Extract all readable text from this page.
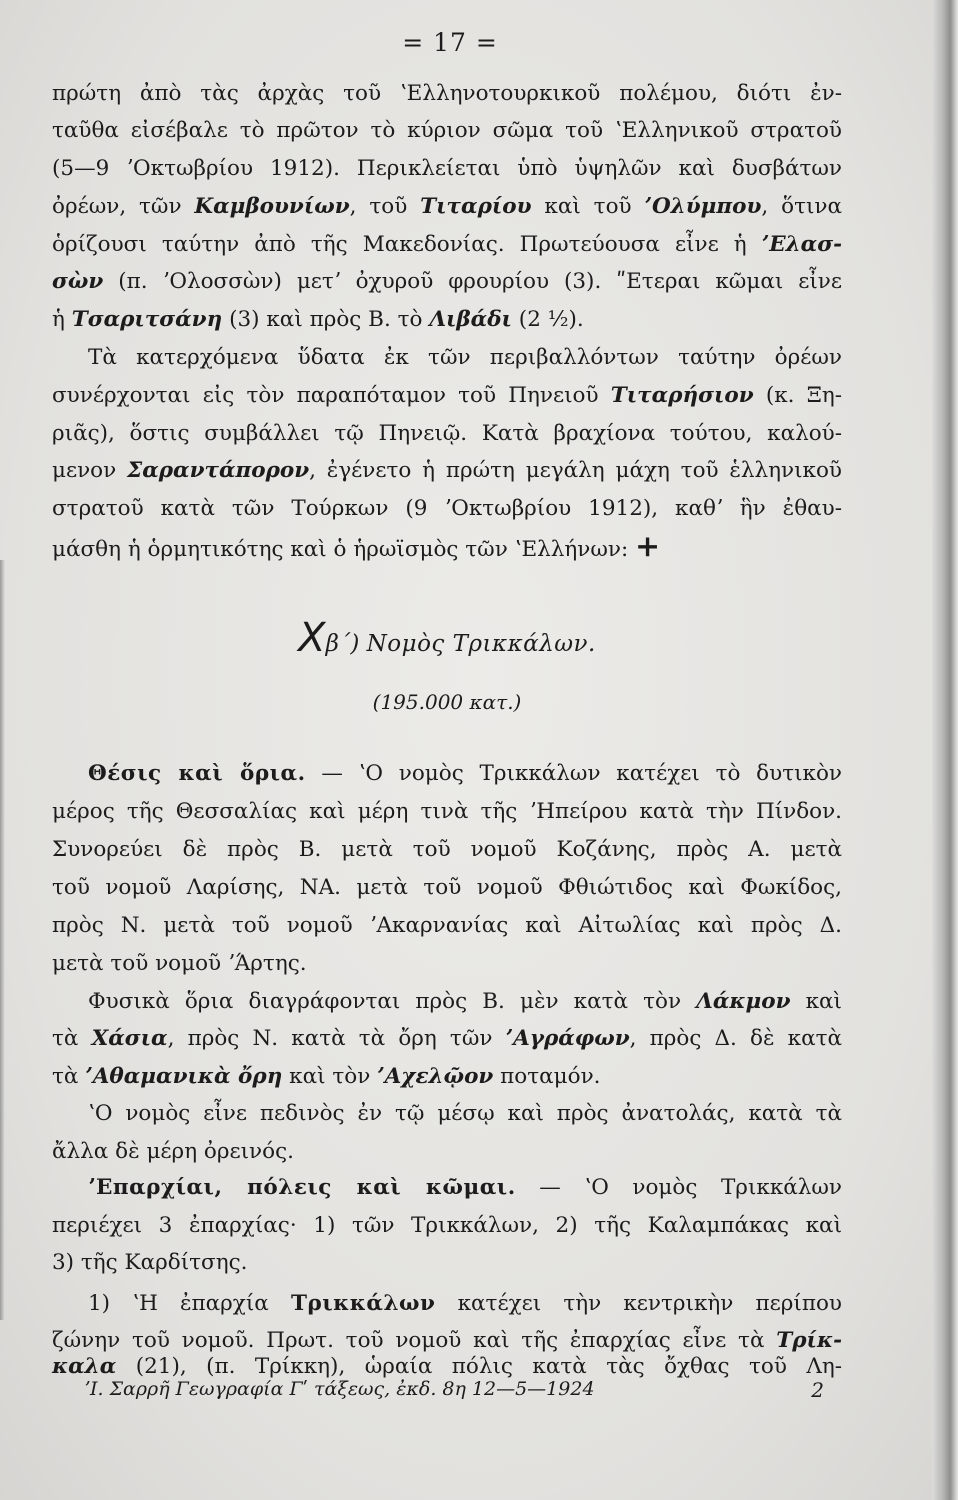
= 17 =
πρώτη ἀπὸ τὰς ἀρχὰς τοῦ ʽΕλληνοτουρκικοῦ πολέμου, διότι ἐν-
ταῦθα εἰσέβαλε τὸ πρῶτον τὸ κύριον σῶμα τοῦ ʽΕλληνικοῦ στρατοῦ
(5—9 ʼΟκτωβρίου 1912). Περικλείεται ὑπὸ ὑψηλῶν καὶ δυσβάτων
ὀρέων, τῶν Καμβουνίων, τοῦ Τιταρίου καὶ τοῦ ʼΟλύμπου, ὅτινα
ὁρίζουσι ταύτην ἀπὸ τῆς Μακεδονίας. Πρωτεύουσα εἶνε ἡ ʼΕλασ-
σὼν (π. ʼΟλοσσὼν) μετʼ ὀχυροῦ φρουρίου (3). ʺΕτεραι κῶμαι εἶνε
ἡ Τσαριτσάνη (3) καὶ πρὸς Β. τὸ Λιβάδι (2 ½).
Τὰ κατερχόμενα ὕδατα ἐκ τῶν περιβαλλόντων ταύτην ὀρέων
συνέρχονται εἰς τὸν παραπόταμον τοῦ Πηνειοῦ Τιταρήσιον (κ. Ξη-
ριᾶς), ὅστις συμβάλλει τῷ Πηνειῷ. Κατὰ βραχίονα τούτου, καλού-
μενον Σαραντάπορον, ἐγένετο ἡ πρώτη μεγάλη μάχη τοῦ ἑλληνικοῦ
στρατοῦ κατὰ τῶν Τούρκων (9 ʼΟκτωβρίου 1912), καθʼ ἣν ἐθαυ-
μάσθη ἡ ὁρμητικότης καὶ ὁ ἡρωϊσμὸς τῶν ʽΕλλήνων: +
Xβ΄) Νομὸς Τρικκάλων.
(195.000 κατ.)
Θέσις καὶ ὅρια. — ʽΟ νομὸς Τρικκάλων κατέχει τὸ δυτικὸν
μέρος τῆς Θεσσαλίας καὶ μέρη τινὰ τῆς ʼΗπείρου κατὰ τὴν Πίνδον.
Συνορεύει δὲ πρὸς Β. μετὰ τοῦ νομοῦ Κοζάνης, πρὸς Α. μετὰ
τοῦ νομοῦ Λαρίσης, ΝΑ. μετὰ τοῦ νομοῦ Φθιώτιδος καὶ Φωκίδος,
πρὸς Ν. μετὰ τοῦ νομοῦ ʼΑκαρνανίας καὶ Αἰτωλίας καὶ πρὸς Δ.
μετὰ τοῦ νομοῦ ʼΆρτης.
Φυσικὰ ὅρια διαγράφονται πρὸς Β. μὲν κατὰ τὸν Λάκμον καὶ
τὰ Χάσια, πρὸς Ν. κατὰ τὰ ὄρη τῶν ʼΑγράφων, πρὸς Δ. δὲ κατὰ
τὰ ʼΑθαμανικὰ ὄρη καὶ τὸν ʼΑχελῷον ποταμόν.
ʽΟ νομὸς εἶνε πεδινὸς ἐν τῷ μέσῳ καὶ πρὸς ἀνατολάς, κατὰ τὰ
ἄλλα δὲ μέρη ὀρεινός.
ʼΕπαρχίαι, πόλεις καὶ κῶμαι. — ʽΟ νομὸς Τρικκάλων
περιέχει 3 ἐπαρχίας· 1) τῶν Τρικκάλων, 2) τῆς Καλαμπάκας καὶ
3) τῆς Καρδίτσης.
1) ʽΗ ἐπαρχία Τρικκάλων κατέχει τὴν κεντρικὴν περίπου
ζώνην τοῦ νομοῦ. Πρωτ. τοῦ νομοῦ καὶ τῆς ἐπαρχίας εἶνε τὰ Τρίκ-
καλα (21), (π. Τρίκκη), ὡραία πόλις κατὰ τὰς ὄχθας τοῦ Λη-
ʼΙ. Σαρρῆ Γεωγραφία Γʹ τάξεως, ἐκδ. 8η 12—5—1924	2
